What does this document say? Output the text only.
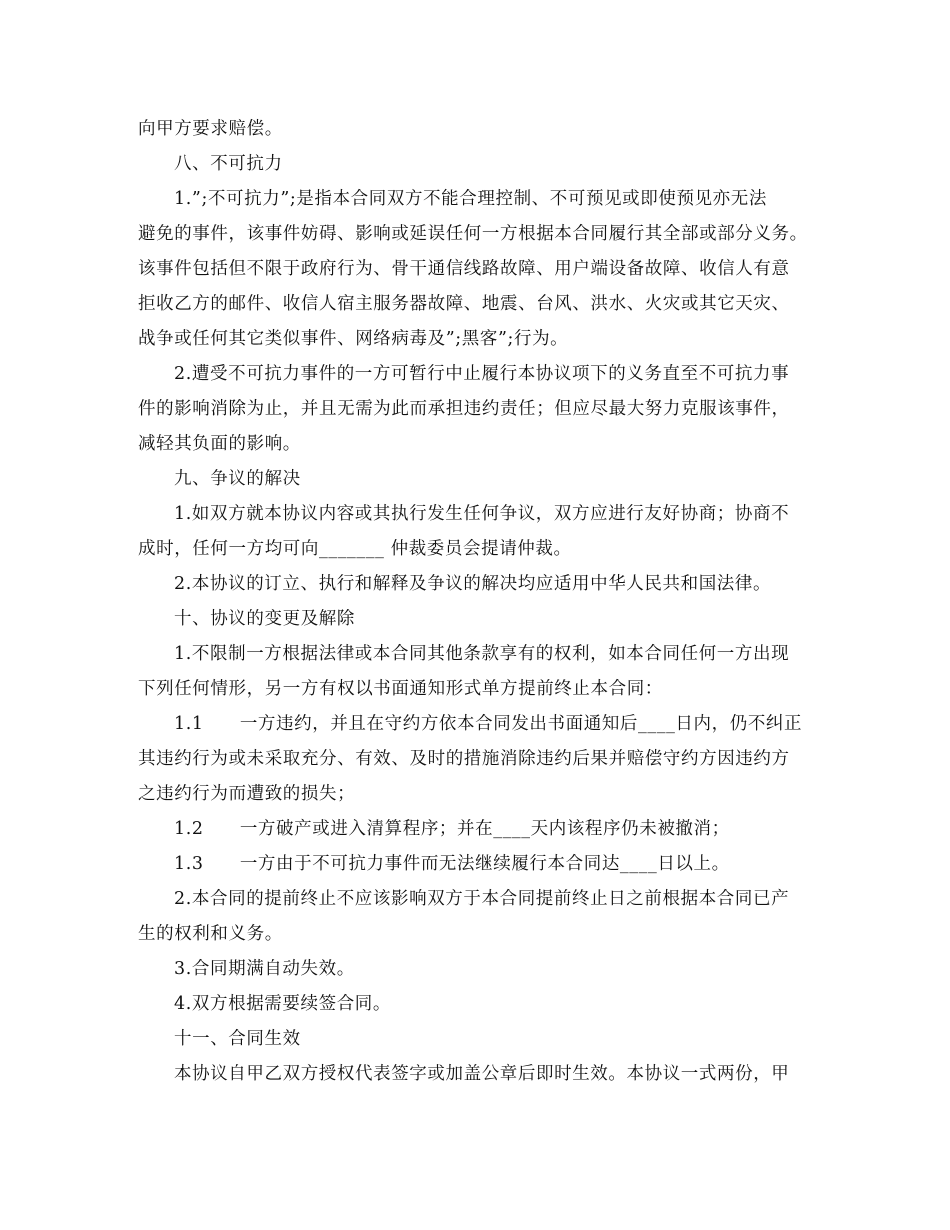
向甲方要求赔偿。
八、不可抗力
1.”;不可抗力”;是指本合同双方不能合理控制、不可预见或即使预见亦无法
避免的事件，该事件妨碍、影响或延误任何一方根据本合同履行其全部或部分义务。
该事件包括但不限于政府行为、骨干通信线路故障、用户端设备故障、收信人有意
拒收乙方的邮件、收信人宿主服务器故障、地震、台风、洪水、火灾或其它天灾、
战争或任何其它类似事件、网络病毒及”;黑客”;行为。
2.遭受不可抗力事件的一方可暂行中止履行本协议项下的义务直至不可抗力事
件的影响消除为止，并且无需为此而承担违约责任；但应尽最大努力克服该事件，
减轻其负面的影响。
九、争议的解决
1.如双方就本协议内容或其执行发生任何争议，双方应进行友好协商；协商不
成时，任何一方均可向_______ 仲裁委员会提请仲裁。
2.本协议的订立、执行和解释及争议的解决均应适用中华人民共和国法律。
十、协议的变更及解除
1.不限制一方根据法律或本合同其他条款享有的权利，如本合同任何一方出现
下列任何情形，另一方有权以书面通知形式单方提前终止本合同：
1.1　　一方违约，并且在守约方依本合同发出书面通知后____日内，仍不纠正
其违约行为或未采取充分、有效、及时的措施消除违约后果并赔偿守约方因违约方
之违约行为而遭致的损失；
1.2　　一方破产或进入清算程序；并在____天内该程序仍未被撤消；
1.3　　一方由于不可抗力事件而无法继续履行本合同达____日以上。
2.本合同的提前终止不应该影响双方于本合同提前终止日之前根据本合同已产
生的权利和义务。
3.合同期满自动失效。
4.双方根据需要续签合同。
十一、合同生效
本协议自甲乙双方授权代表签字或加盖公章后即时生效。本协议一式两份，甲
